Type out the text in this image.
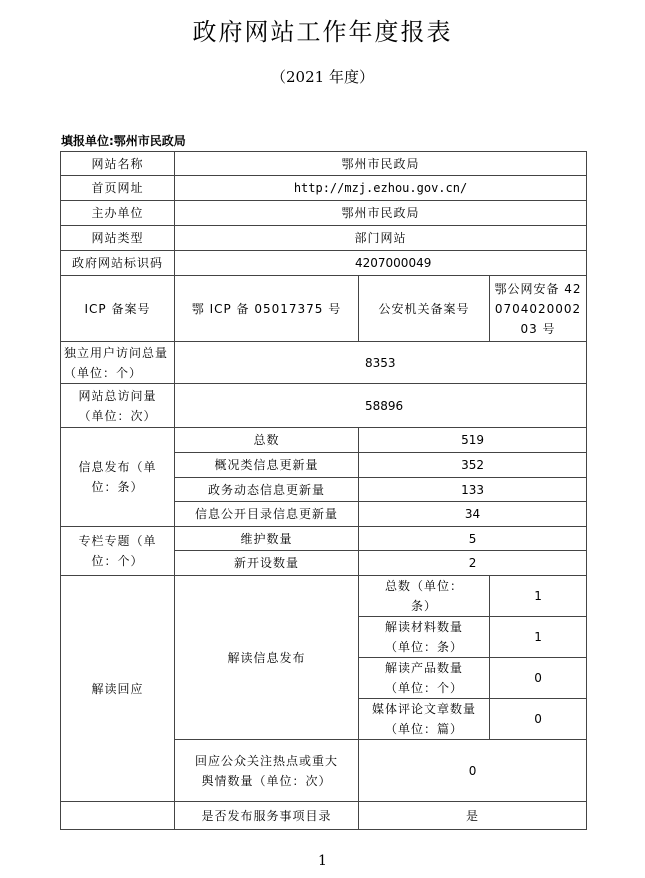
政府网站工作年度报表
（2021 年度）
填报单位:鄂州市民政局
网站名称	鄂州市民政局		
首页网址	http://mzj.ezhou.gov.cn/		
主办单位	鄂州市民政局		
网站类型	部门网站		
政府网站标识码	4207000049		
ICP 备案号	鄂 ICP 备 05017375 号	公安机关备案号	鄂公网安备 42070402000203 号
独立用户访问总量（单位：个）	8353		
网站总访问量（单位：次）	58896		
信息发布（单位：条）	总数	519	
	概况类信息更新量	352	
	政务动态信息更新量	133	
	信息公开目录信息更新量	34	
专栏专题（单位：个）	维护数量	5	
	新开设数量	2	
解读回应	解读信息发布	总数（单位：条）	1
		解读材料数量（单位：条）	1
		解读产品数量（单位：个）	0
		媒体评论文章数量（单位：篇）	0
	回应公众关注热点或重大舆情数量（单位：次）	0	
	是否发布服务事项目录	是	
1
